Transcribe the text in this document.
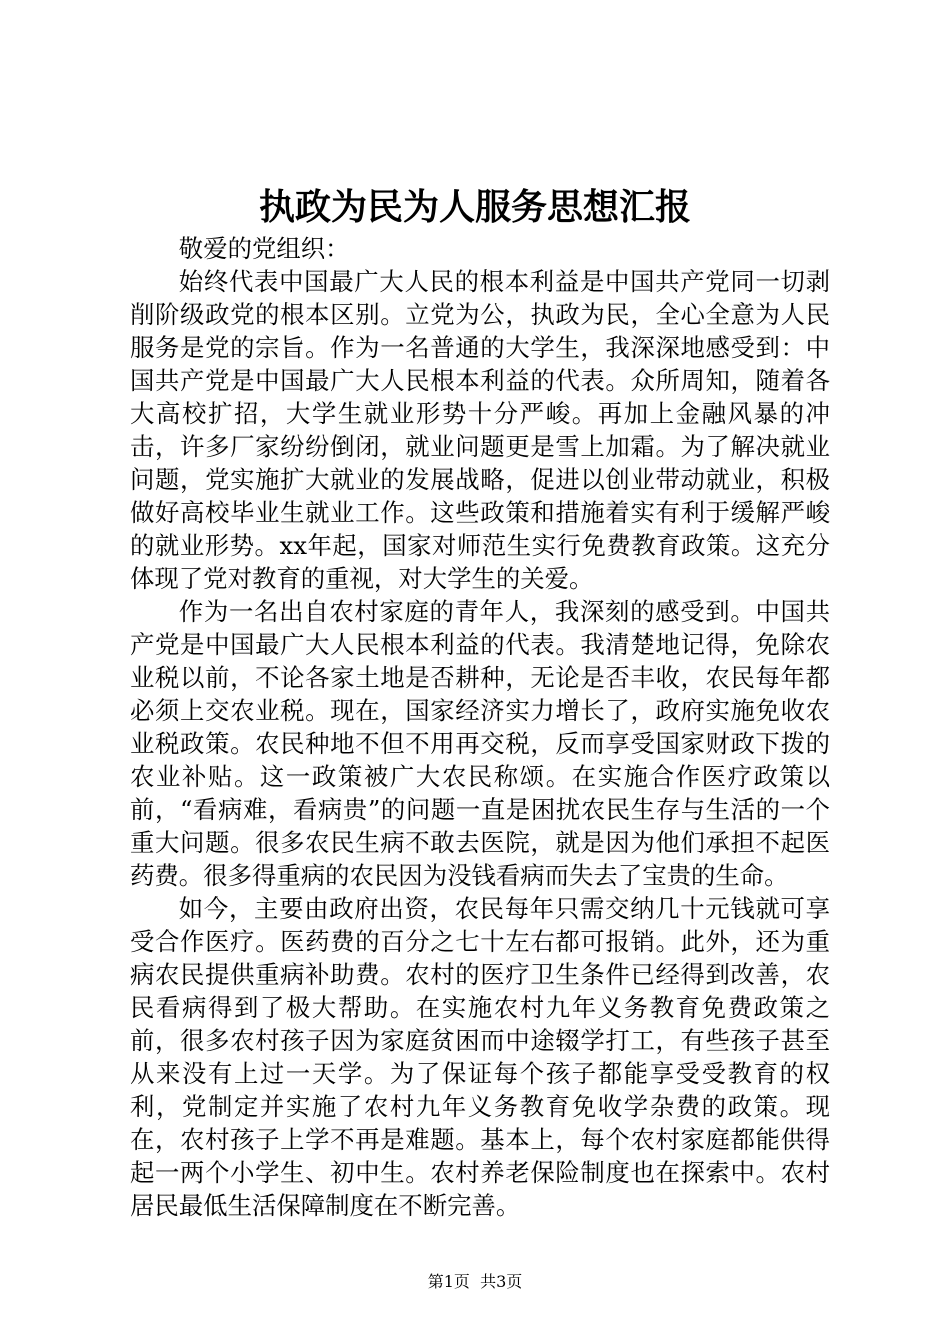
执政为民为人服务思想汇报

敬爱的党组织：

始终代表中国最广大人民的根本利益是中国共产党同一切剥削阶级政党的根本区别。立党为公，执政为民，全心全意为人民服务是党的宗旨。作为一名普通的大学生，我深深地感受到：中国共产党是中国最广大人民根本利益的代表。众所周知，随着各大高校扩招，大学生就业形势十分严峻。再加上金融风暴的冲击，许多厂家纷纷倒闭，就业问题更是雪上加霜。为了解决就业问题，党实施扩大就业的发展战略，促进以创业带动就业，积极做好高校毕业生就业工作。这些政策和措施着实有利于缓解严峻的就业形势。xx年起，国家对师范生实行免费教育政策。这充分体现了党对教育的重视，对大学生的关爱。

作为一名出自农村家庭的青年人，我深刻的感受到。中国共产党是中国最广大人民根本利益的代表。我清楚地记得，免除农业税以前，不论各家土地是否耕种，无论是否丰收，农民每年都必须上交农业税。现在，国家经济实力增长了，政府实施免收农业税政策。农民种地不但不用再交税，反而享受国家财政下拨的农业补贴。这一政策被广大农民称颂。在实施合作医疗政策以前，“看病难，看病贵”的问题一直是困扰农民生存与生活的一个重大问题。很多农民生病不敢去医院，就是因为他们承担不起医药费。很多得重病的农民因为没钱看病而失去了宝贵的生命。

如今，主要由政府出资，农民每年只需交纳几十元钱就可享受合作医疗。医药费的百分之七十左右都可报销。此外，还为重病农民提供重病补助费。农村的医疗卫生条件已经得到改善，农民看病得到了极大帮助。在实施农村九年义务教育免费政策之前，很多农村孩子因为家庭贫困而中途辍学打工，有些孩子甚至从来没有上过一天学。为了保证每个孩子都能享受受教育的权利，党制定并实施了农村九年义务教育免收学杂费的政策。现在，农村孩子上学不再是难题。基本上，每个农村家庭都能供得起一两个小学生、初中生。农村养老保险制度也在探索中。农村居民最低生活保障制度在不断完善。

第1页  共3页
